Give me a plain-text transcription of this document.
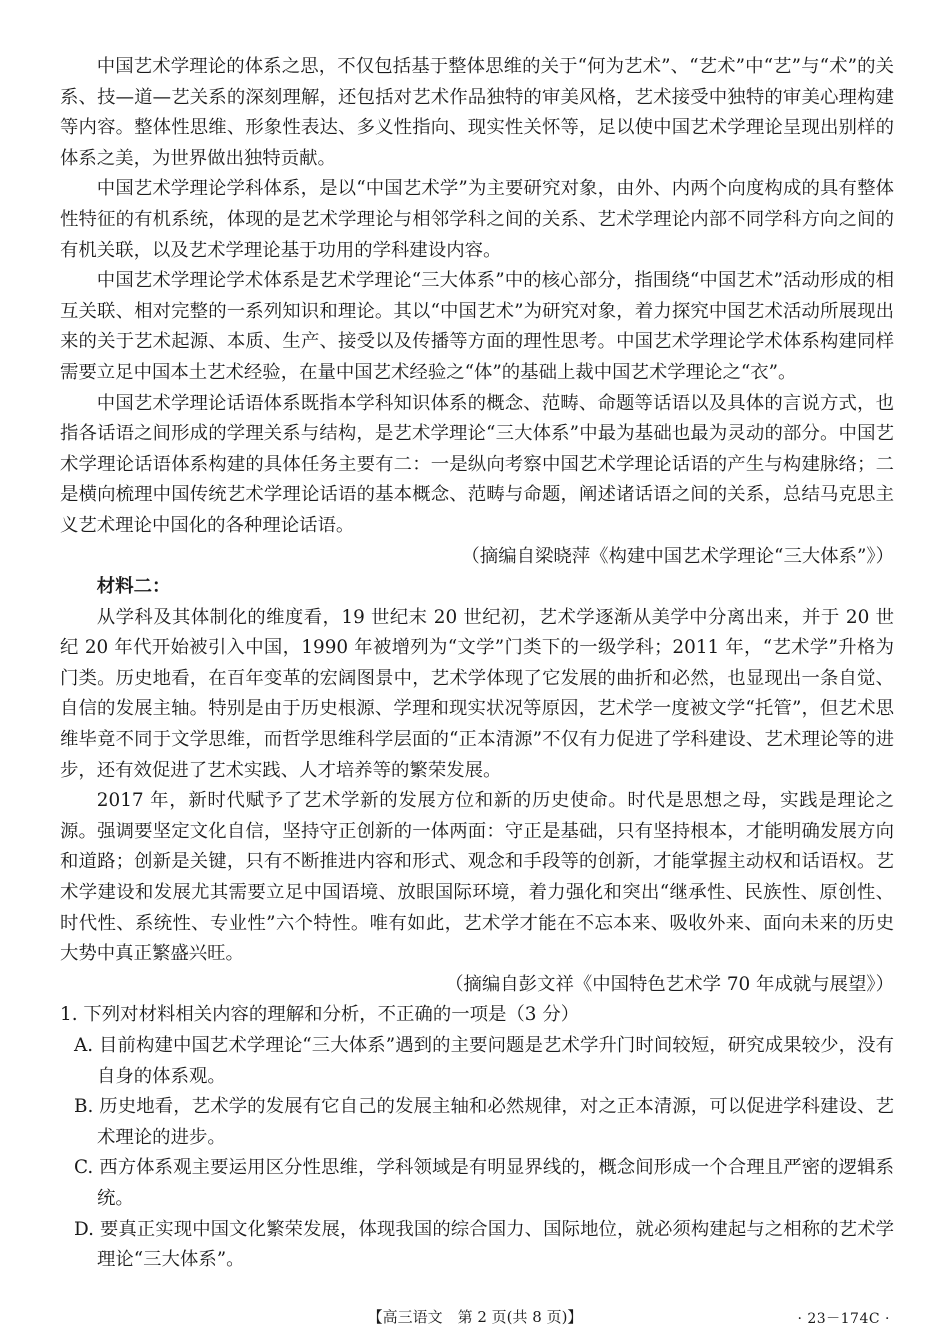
中国艺术学理论的体系之思，不仅包括基于整体思维的关于“何为艺术”、“艺术”中“艺”与“术”的关系、技—道—艺关系的深刻理解，还包括对艺术作品独特的审美风格，艺术接受中独特的审美心理构建等内容。整体性思维、形象性表达、多义性指向、现实性关怀等，足以使中国艺术学理论呈现出别样的体系之美，为世界做出独特贡献。

中国艺术学理论学科体系，是以“中国艺术学”为主要研究对象，由外、内两个向度构成的具有整体性特征的有机系统，体现的是艺术学理论与相邻学科之间的关系、艺术学理论内部不同学科方向之间的有机关联，以及艺术学理论基于功用的学科建设内容。

中国艺术学理论学术体系是艺术学理论“三大体系”中的核心部分，指围绕“中国艺术”活动形成的相互关联、相对完整的一系列知识和理论。其以“中国艺术”为研究对象，着力探究中国艺术活动所展现出来的关于艺术起源、本质、生产、接受以及传播等方面的理性思考。中国艺术学理论学术体系构建同样需要立足中国本土艺术经验，在量中国艺术经验之“体”的基础上裁中国艺术学理论之“衣”。

中国艺术学理论话语体系既指本学科知识体系的概念、范畴、命题等话语以及具体的言说方式，也指各话语之间形成的学理关系与结构，是艺术学理论“三大体系”中最为基础也最为灵动的部分。中国艺术学理论话语体系构建的具体任务主要有二：一是纵向考察中国艺术学理论话语的产生与构建脉络；二是横向梳理中国传统艺术学理论话语的基本概念、范畴与命题，阐述诸话语之间的关系，总结马克思主义艺术理论中国化的各种理论话语。

（摘编自梁晓萍《构建中国艺术学理论“三大体系”》）

材料二：

从学科及其体制化的维度看，19 世纪末 20 世纪初，艺术学逐渐从美学中分离出来，并于 20 世纪 20 年代开始被引入中国，1990 年被增列为“文学”门类下的一级学科；2011 年，“艺术学”升格为门类。历史地看，在百年变革的宏阔图景中，艺术学体现了它发展的曲折和必然，也显现出一条自觉、自信的发展主轴。特别是由于历史根源、学理和现实状况等原因，艺术学一度被文学“托管”，但艺术思维毕竟不同于文学思维，而哲学思维科学层面的“正本清源”不仅有力促进了学科建设、艺术理论等的进步，还有效促进了艺术实践、人才培养等的繁荣发展。

2017 年，新时代赋予了艺术学新的发展方位和新的历史使命。时代是思想之母，实践是理论之源。强调要坚定文化自信，坚持守正创新的一体两面：守正是基础，只有坚持根本，才能明确发展方向和道路；创新是关键，只有不断推进内容和形式、观念和手段等的创新，才能掌握主动权和话语权。艺术学建设和发展尤其需要立足中国语境、放眼国际环境，着力强化和突出“继承性、民族性、原创性、时代性、系统性、专业性”六个特性。唯有如此，艺术学才能在不忘本来、吸收外来、面向未来的历史大势中真正繁盛兴旺。

（摘编自彭文祥《中国特色艺术学 70 年成就与展望》）

1. 下列对材料相关内容的理解和分析，不正确的一项是（3 分）

A. 目前构建中国艺术学理论“三大体系”遇到的主要问题是艺术学升门时间较短，研究成果较少，没有自身的体系观。

B. 历史地看，艺术学的发展有它自己的发展主轴和必然规律，对之正本清源，可以促进学科建设、艺术理论的进步。

C. 西方体系观主要运用区分性思维，学科领域是有明显界线的，概念间形成一个合理且严密的逻辑系统。

D. 要真正实现中国文化繁荣发展，体现我国的综合国力、国际地位，就必须构建起与之相称的艺术学理论“三大体系”。

【高三语文　第 2 页(共 8 页)】	· 23－174C ·
